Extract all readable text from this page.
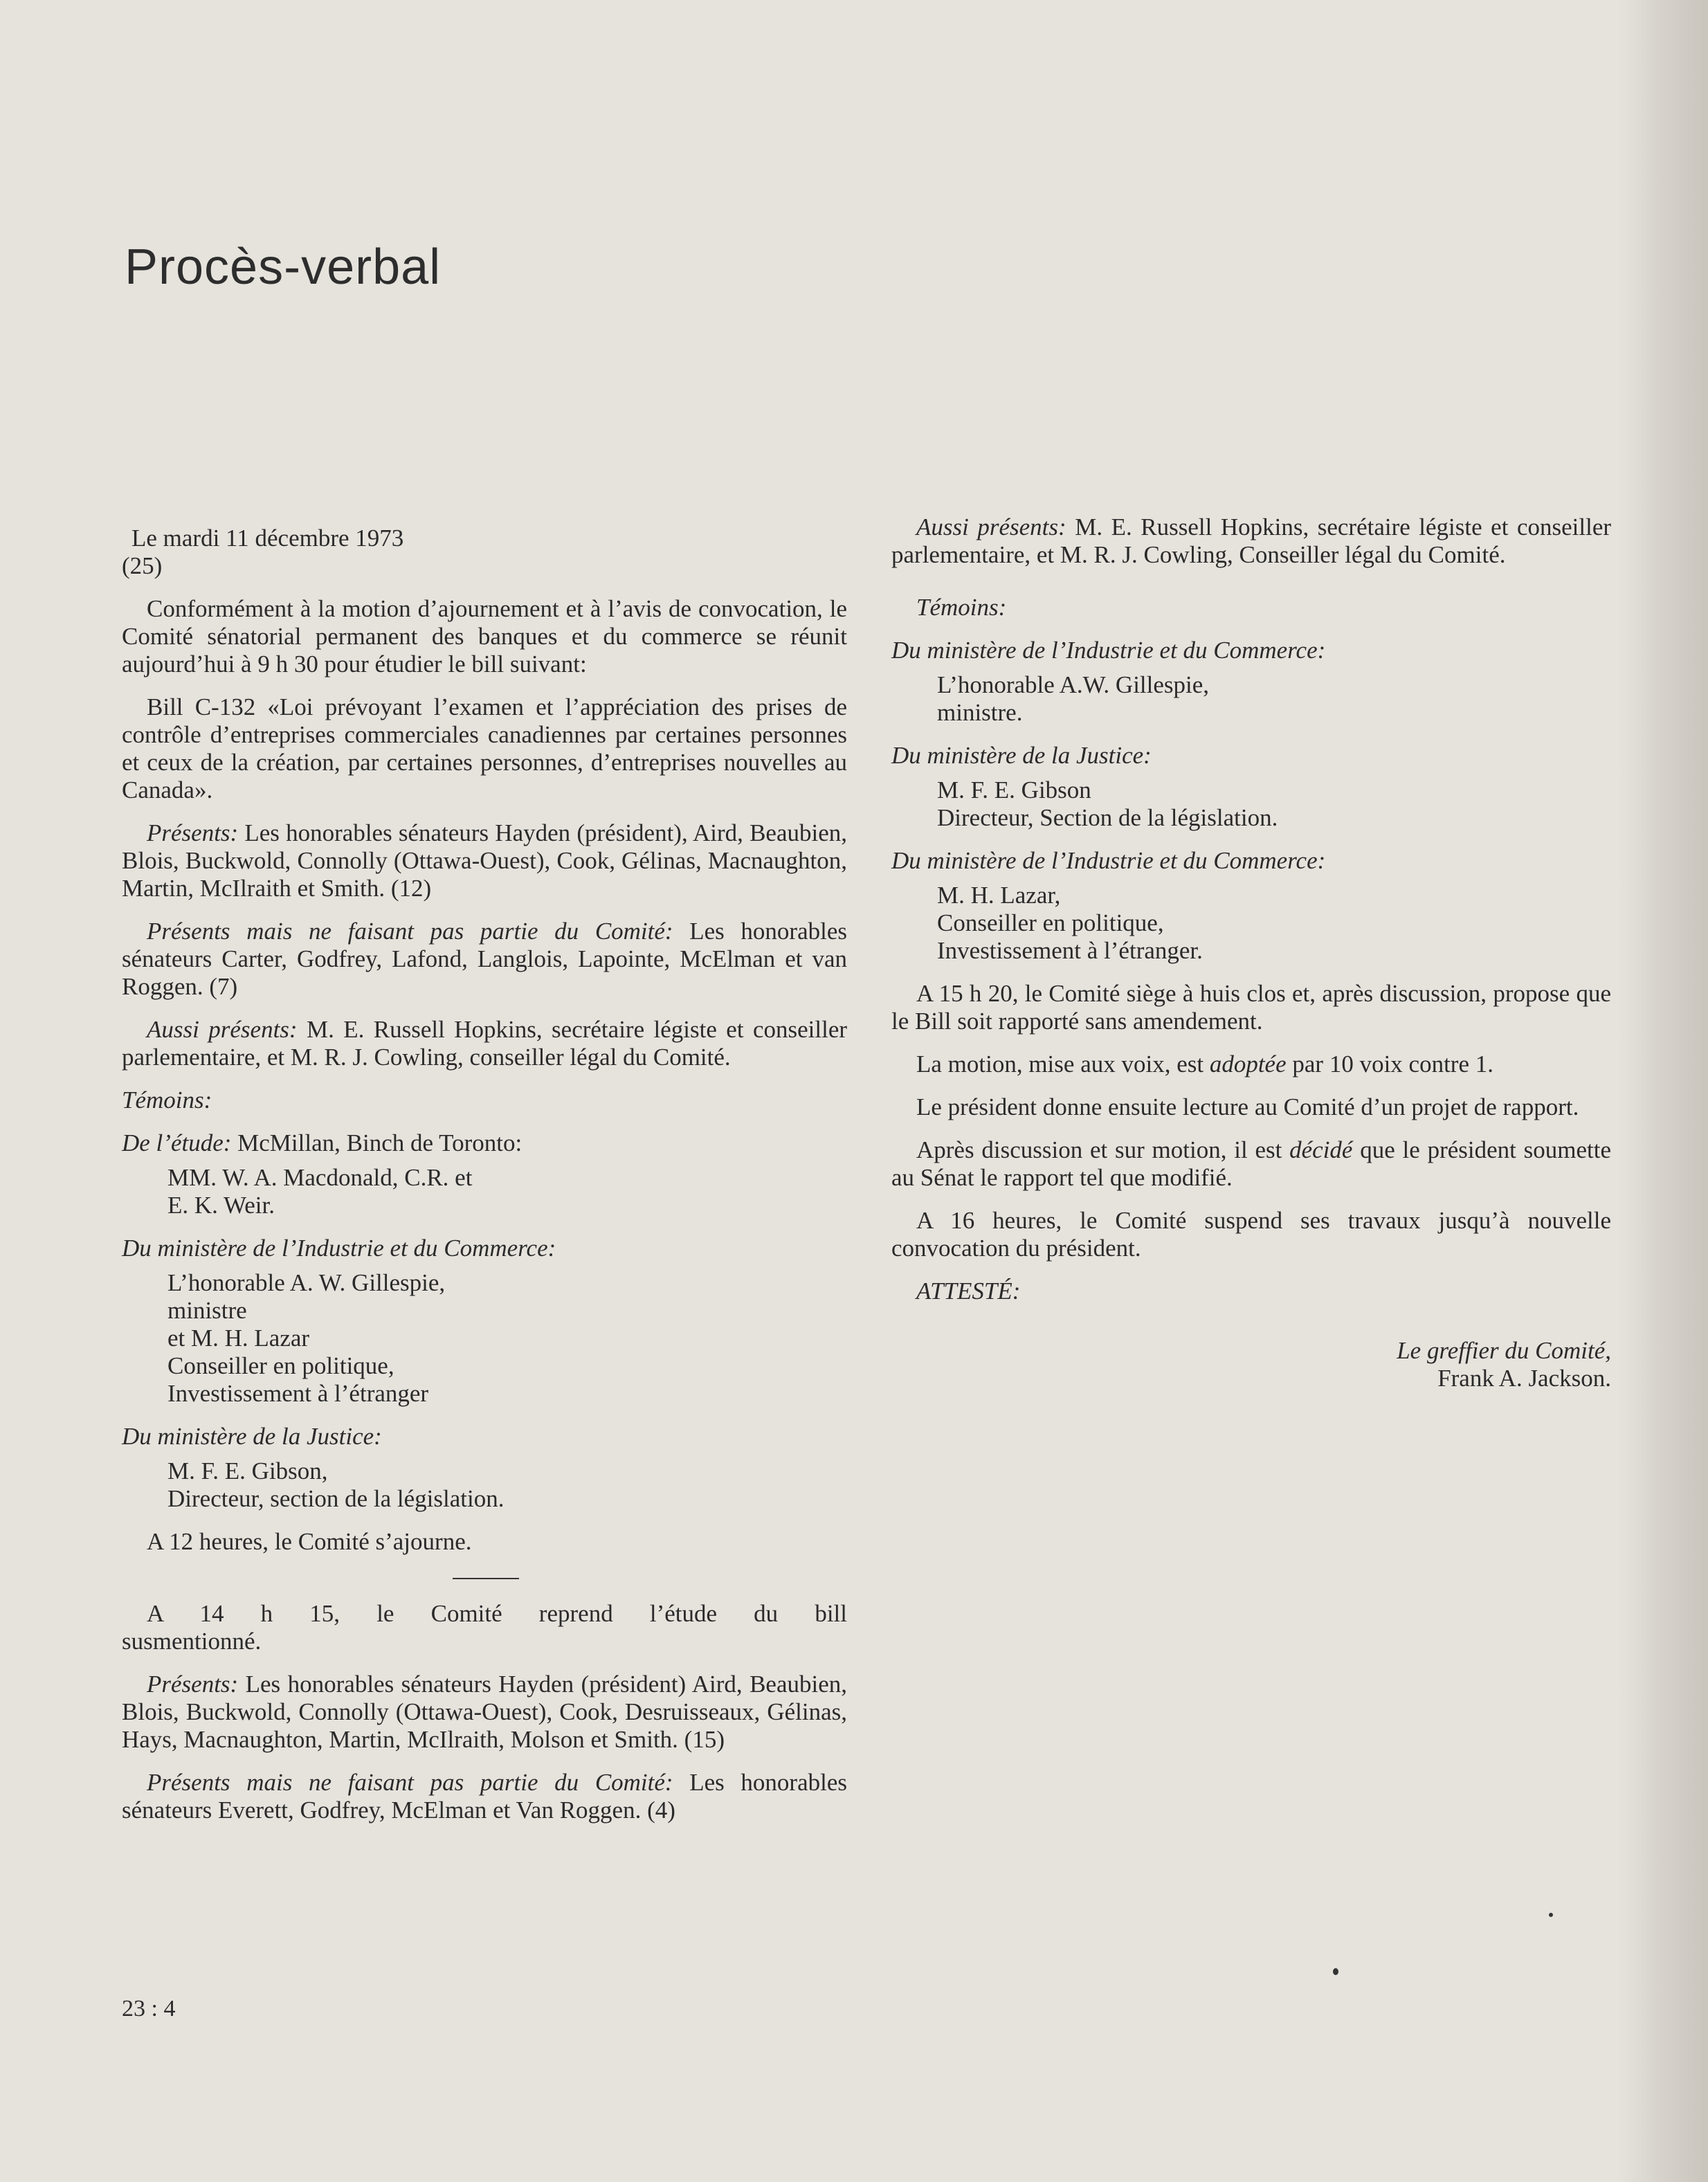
Procès-verbal

Le mardi 11 décembre 1973

(25)

Conformément à la motion d’ajournement et à l’avis de convocation, le Comité sénatorial permanent des banques et du commerce se réunit aujourd’hui à 9 h 30 pour étudier le bill suivant:

Bill C-132 «Loi prévoyant l’examen et l’appréciation des prises de contrôle d’entreprises commerciales canadiennes par certaines personnes et ceux de la création, par certaines personnes, d’entreprises nouvelles au Canada».

Présents: Les honorables sénateurs Hayden (président), Aird, Beaubien, Blois, Buckwold, Connolly (Ottawa-Ouest), Cook, Gélinas, Macnaughton, Martin, McIlraith et Smith. (12)

Présents mais ne faisant pas partie du Comité: Les honorables sénateurs Carter, Godfrey, Lafond, Langlois, Lapointe, McElman et van Roggen. (7)

Aussi présents: M. E. Russell Hopkins, secrétaire légiste et conseiller parlementaire, et M. R. J. Cowling, conseiller légal du Comité.

Témoins:

De l’étude: McMillan, Binch de Toronto:

MM. W. A. Macdonald, C.R. et
E. K. Weir.

Du ministère de l’Industrie et du Commerce:

L’honorable A. W. Gillespie,
ministre
et M. H. Lazar
Conseiller en politique,
Investissement à l’étranger

Du ministère de la Justice:

M. F. E. Gibson,
Directeur, section de la législation.

A 12 heures, le Comité s’ajourne.

A 14 h 15, le Comité reprend l’étude du bill susmentionné.

Présents: Les honorables sénateurs Hayden (président) Aird, Beaubien, Blois, Buckwold, Connolly (Ottawa-Ouest), Cook, Desruisseaux, Gélinas, Hays, Macnaughton, Martin, McIlraith, Molson et Smith. (15)

Présents mais ne faisant pas partie du Comité: Les honorables sénateurs Everett, Godfrey, McElman et Van Roggen. (4)

Aussi présents: M. E. Russell Hopkins, secrétaire légiste et conseiller parlementaire, et M. R. J. Cowling, Conseiller légal du Comité.

Témoins:

Du ministère de l’Industrie et du Commerce:

L’honorable A.W. Gillespie,
ministre.

Du ministère de la Justice:

M. F. E. Gibson
Directeur, Section de la législation.

Du ministère de l’Industrie et du Commerce:

M. H. Lazar,
Conseiller en politique,
Investissement à l’étranger.

A 15 h 20, le Comité siège à huis clos et, après discussion, propose que le Bill soit rapporté sans amendement.

La motion, mise aux voix, est adoptée par 10 voix contre 1.

Le président donne ensuite lecture au Comité d’un projet de rapport.

Après discussion et sur motion, il est décidé que le président soumette au Sénat le rapport tel que modifié.

A 16 heures, le Comité suspend ses travaux jusqu’à nouvelle convocation du président.

ATTESTÉ:

Le greffier du Comité,
Frank A. Jackson.
23 : 4
